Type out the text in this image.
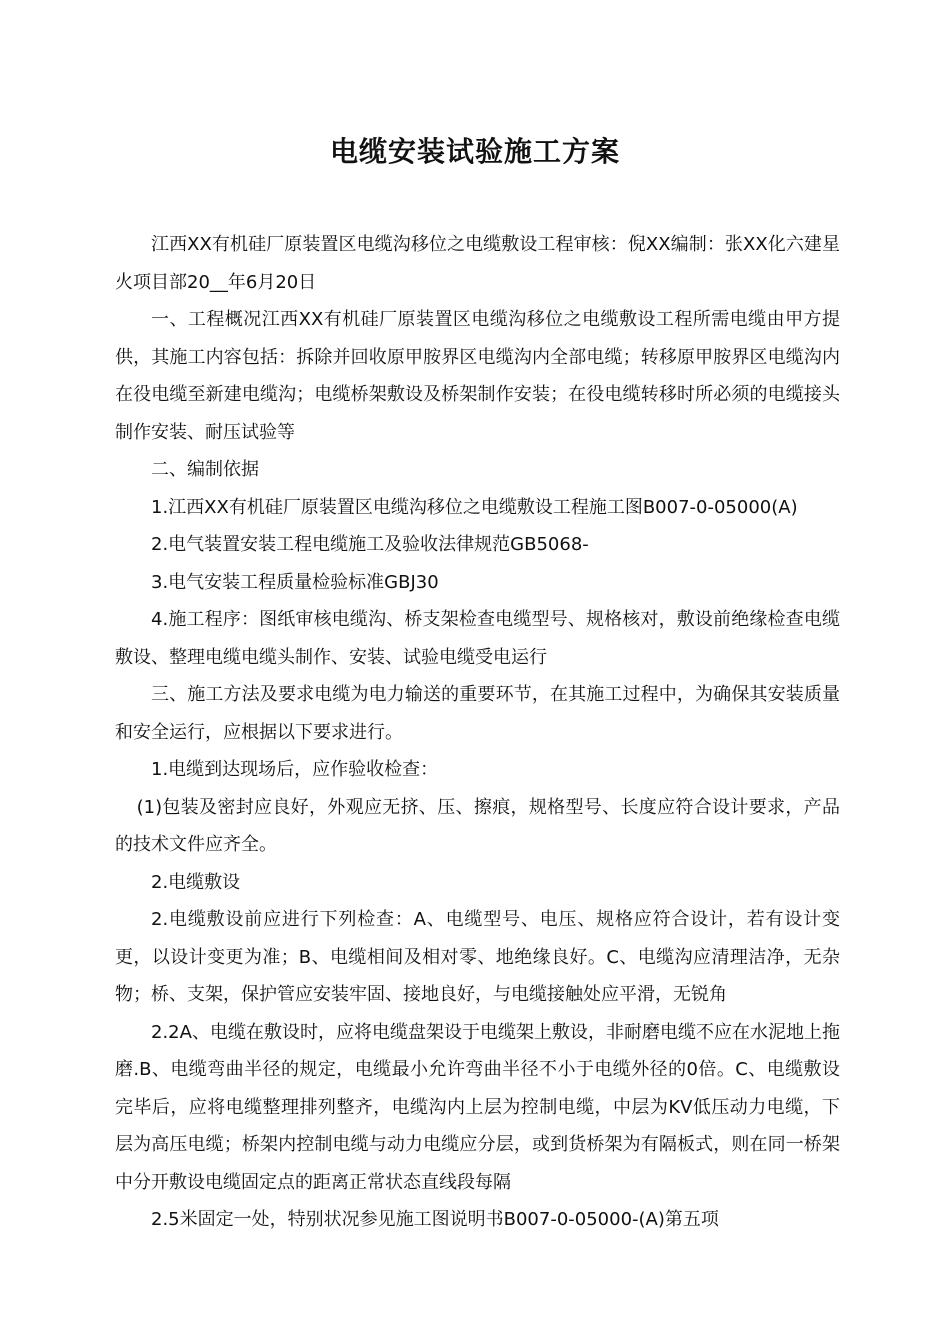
电缆安装试验施工方案

江西XX有机硅厂原装置区电缆沟移位之电缆敷设工程审核：倪XX编制：张XX化六建星火项目部20__年6月20日

一、工程概况江西XX有机硅厂原装置区电缆沟移位之电缆敷设工程所需电缆由甲方提供，其施工内容包括：拆除并回收原甲胺界区电缆沟内全部电缆；转移原甲胺界区电缆沟内在役电缆至新建电缆沟；电缆桥架敷设及桥架制作安装；在役电缆转移时所必须的电缆接头制作安装、耐压试验等

二、编制依据

1.江西XX有机硅厂原装置区电缆沟移位之电缆敷设工程施工图B007-0-05000(A)

2.电气装置安装工程电缆施工及验收法律规范GB5068-

3.电气安装工程质量检验标准GBJ30

4.施工程序：图纸审核电缆沟、桥支架检查电缆型号、规格核对，敷设前绝缘检查电缆敷设、整理电缆电缆头制作、安装、试验电缆受电运行

三、施工方法及要求电缆为电力输送的重要环节，在其施工过程中，为确保其安装质量和安全运行，应根据以下要求进行。

1.电缆到达现场后，应作验收检查：

(1)包装及密封应良好，外观应无挤、压、擦痕，规格型号、长度应符合设计要求，产品的技术文件应齐全。

2.电缆敷设

2.电缆敷设前应进行下列检查：A、电缆型号、电压、规格应符合设计，若有设计变更，以设计变更为准；B、电缆相间及相对零、地绝缘良好。C、电缆沟应清理洁净，无杂物；桥、支架，保护管应安装牢固、接地良好，与电缆接触处应平滑，无锐角

2.2A、电缆在敷设时，应将电缆盘架设于电缆架上敷设，非耐磨电缆不应在水泥地上拖磨.B、电缆弯曲半径的规定，电缆最小允许弯曲半径不小于电缆外径的0倍。C、电缆敷设完毕后，应将电缆整理排列整齐，电缆沟内上层为控制电缆，中层为KV低压动力电缆，下层为高压电缆；桥架内控制电缆与动力电缆应分层，或到货桥架为有隔板式，则在同一桥架中分开敷设电缆固定点的距离正常状态直线段每隔

2.5米固定一处，特别状况参见施工图说明书B007-0-05000-(A)第五项
